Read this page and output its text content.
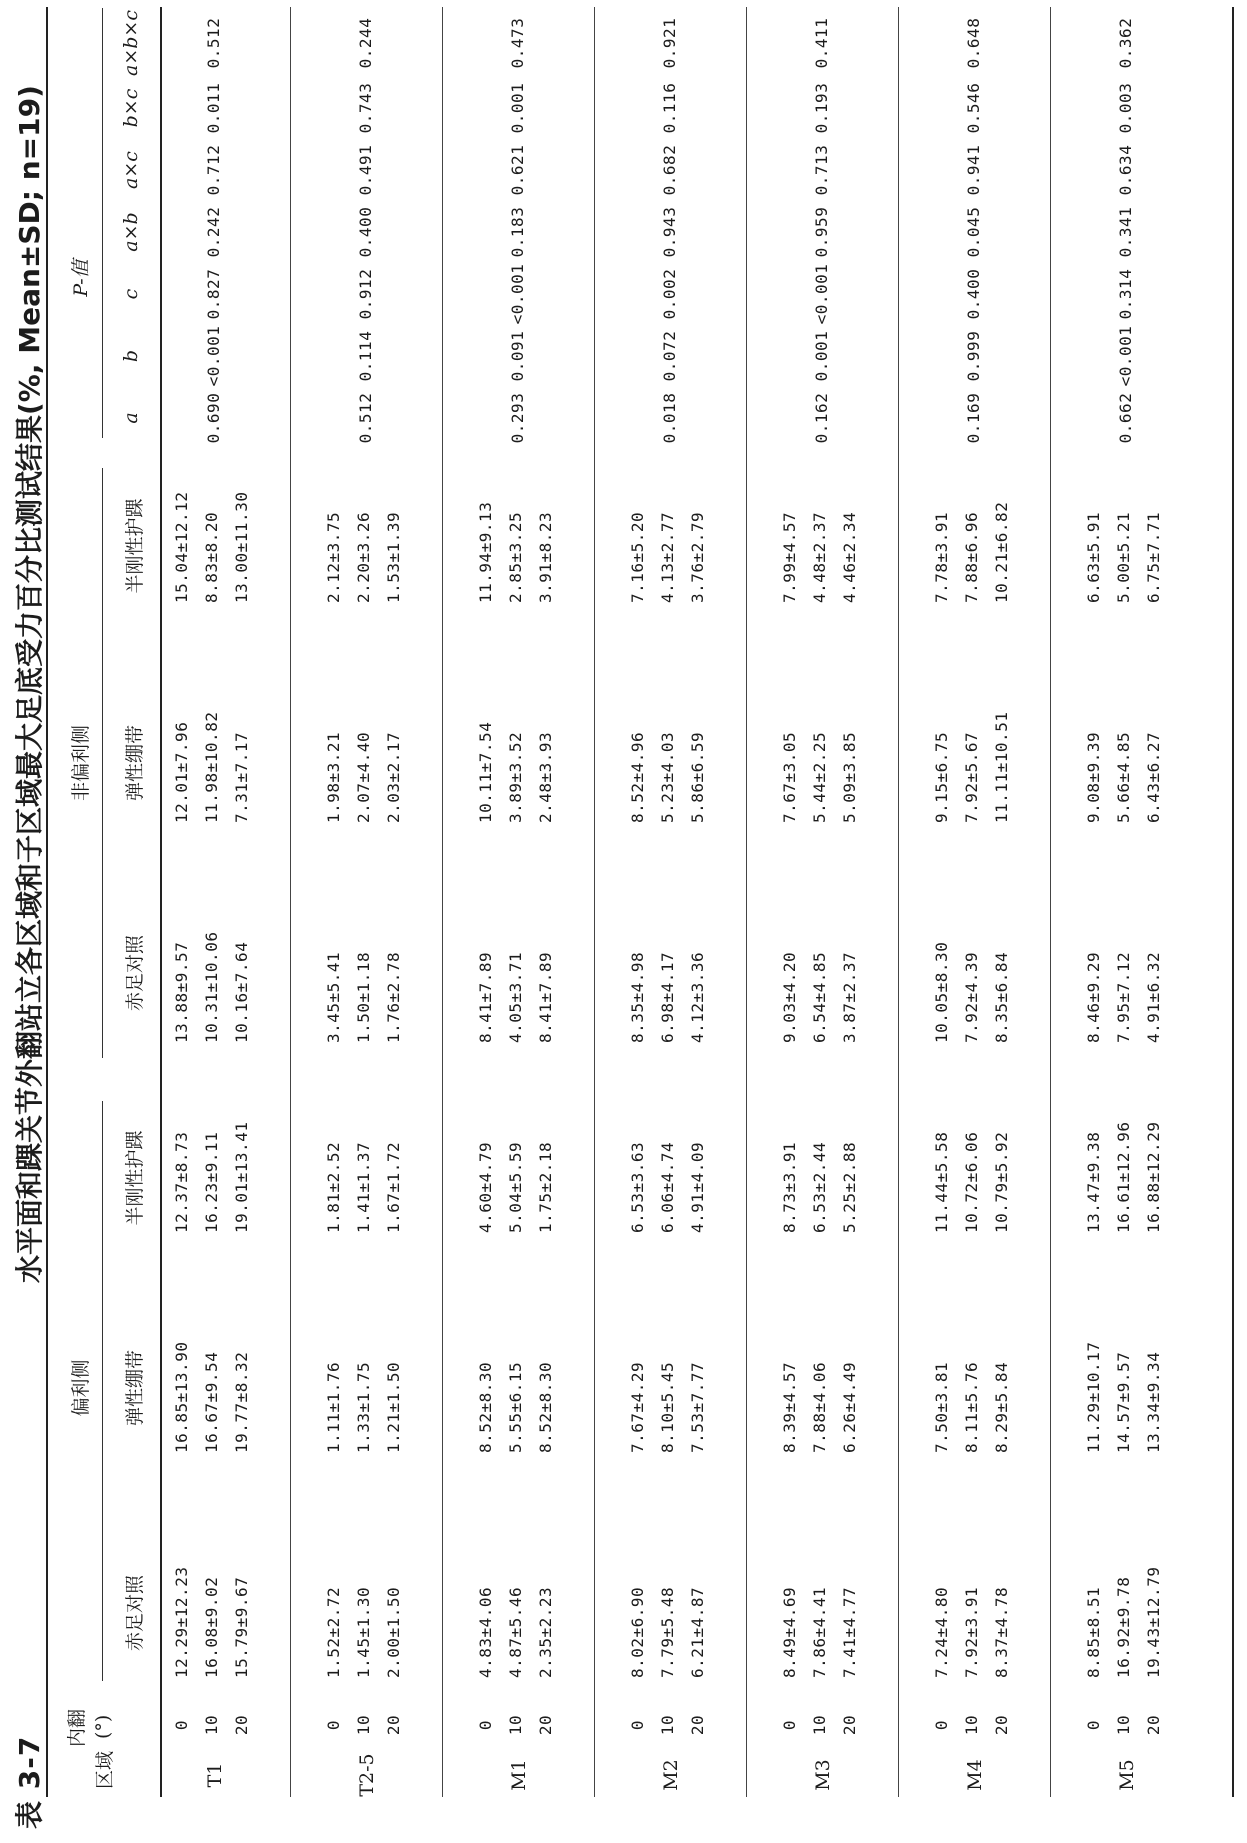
表 3-7
水平面和踝关节外翻站立各区域和子区域最大足底受力百分比测试结果(%, Mean±SD; n=19)
区域
内翻 (°)
偏利侧
非偏利侧
P-值
赤足对照
弹性绷带
半刚性护踝
赤足对照
弹性绷带
半刚性护踝
a
b
c
a×b
a×c
b×c
a×b×c
T1
0
12.29±12.23
16.85±13.90
12.37±8.73
13.88±9.57
12.01±7.96
15.04±12.12
10
16.08±9.02
16.67±9.54
16.23±9.11
10.31±10.06
11.98±10.82
8.83±8.20
20
15.79±9.67
19.77±8.32
19.01±13.41
10.16±7.64
7.31±7.17
13.00±11.30
0.690
<0.001
0.827
0.242
0.712
0.011
0.512
T2-5
0
1.52±2.72
1.11±1.76
1.81±2.52
3.45±5.41
1.98±3.21
2.12±3.75
10
1.45±1.30
1.33±1.75
1.41±1.37
1.50±1.18
2.07±4.40
2.20±3.26
20
2.00±1.50
1.21±1.50
1.67±1.72
1.76±2.78
2.03±2.17
1.53±1.39
0.512
0.114
0.912
0.400
0.491
0.743
0.244
M1
0
4.83±4.06
8.52±8.30
4.60±4.79
8.41±7.89
10.11±7.54
11.94±9.13
10
4.87±5.46
5.55±6.15
5.04±5.59
4.05±3.71
3.89±3.52
2.85±3.25
20
2.35±2.23
8.52±8.30
1.75±2.18
8.41±7.89
2.48±3.93
3.91±8.23
0.293
0.091
<0.001
0.183
0.621
0.001
0.473
M2
0
8.02±6.90
7.67±4.29
6.53±3.63
8.35±4.98
8.52±4.96
7.16±5.20
10
7.79±5.48
8.10±5.45
6.06±4.74
6.98±4.17
5.23±4.03
4.13±2.77
20
6.21±4.87
7.53±7.77
4.91±4.09
4.12±3.36
5.86±6.59
3.76±2.79
0.018
0.072
0.002
0.943
0.682
0.116
0.921
M3
0
8.49±4.69
8.39±4.57
8.73±3.91
9.03±4.20
7.67±3.05
7.99±4.57
10
7.86±4.41
7.88±4.06
6.53±2.44
6.54±4.85
5.44±2.25
4.48±2.37
20
7.41±4.77
6.26±4.49
5.25±2.88
3.87±2.37
5.09±3.85
4.46±2.34
0.162
0.001
<0.001
0.959
0.713
0.193
0.411
M4
0
7.24±4.80
7.50±3.81
11.44±5.58
10.05±8.30
9.15±6.75
7.78±3.91
10
7.92±3.91
8.11±5.76
10.72±6.06
7.92±4.39
7.92±5.67
7.88±6.96
20
8.37±4.78
8.29±5.84
10.79±5.92
8.35±6.84
11.11±10.51
10.21±6.82
0.169
0.999
0.400
0.045
0.941
0.546
0.648
M5
0
8.85±8.51
11.29±10.17
13.47±9.38
8.46±9.29
9.08±9.39
6.63±5.91
10
16.92±9.78
14.57±9.57
16.61±12.96
7.95±7.12
5.66±4.85
5.00±5.21
20
19.43±12.79
13.34±9.34
16.88±12.29
4.91±6.32
6.43±6.27
6.75±7.71
0.662
<0.001
0.314
0.341
0.634
0.003
0.362
